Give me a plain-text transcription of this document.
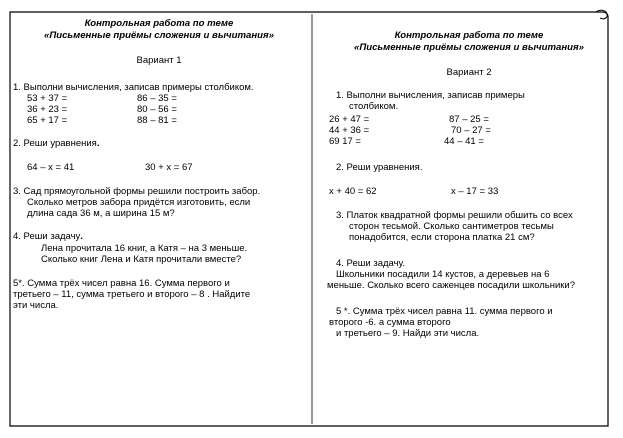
Контрольная работа по теме
«Письменные приёмы сложения и вычитания»
Вариант 1
1. Выполни вычисления, записав примеры столбиком.
53 + 37 =	86 – 35 =
36 + 23 =	80 – 56 =
65 + 17 =	88 – 81 =
2. Реши уравнения.
64 – х = 41	30 + х = 67
3. Сад прямоугольной формы решили построить забор.
Сколько метров забора придётся изготовить, если
длина сада 36 м, а ширина 15 м?
4. Реши задачу.
Лена прочитала 16 книг, а Катя – на 3 меньше.
Сколько книг Лена и Катя прочитали вместе?
5*. Сумма трёх чисел равна 16. Сумма первого и
третьего – 11, сумма третьего и второго – 8 . Найдите
эти числа.
Контрольная работа по теме
«Письменные приёмы сложения и вычитания»
Вариант 2
1. Выполни вычисления, записав примеры
столбиком.
26 + 47 =	87 – 25 =
44 + 36 =	70 – 27 =
69 17 =	44 – 41 =
2. Реши уравнения.
х + 40 = 62	х – 17 = 33
3. Платок квадратной формы решили обшить со всех
сторон тесьмой. Сколько сантиметров тесьмы
понадобится, если сторона платка 21 см?
4. Реши задачу.
Школьники посадили 14 кустов, а деревьев на 6
меньше. Сколько всего саженцев посадили школьники?
5 *. Сумма трёх чисел равна 11. сумма первого и
второго -6. а сумма второго
и третьего – 9. Найди эти числа.
